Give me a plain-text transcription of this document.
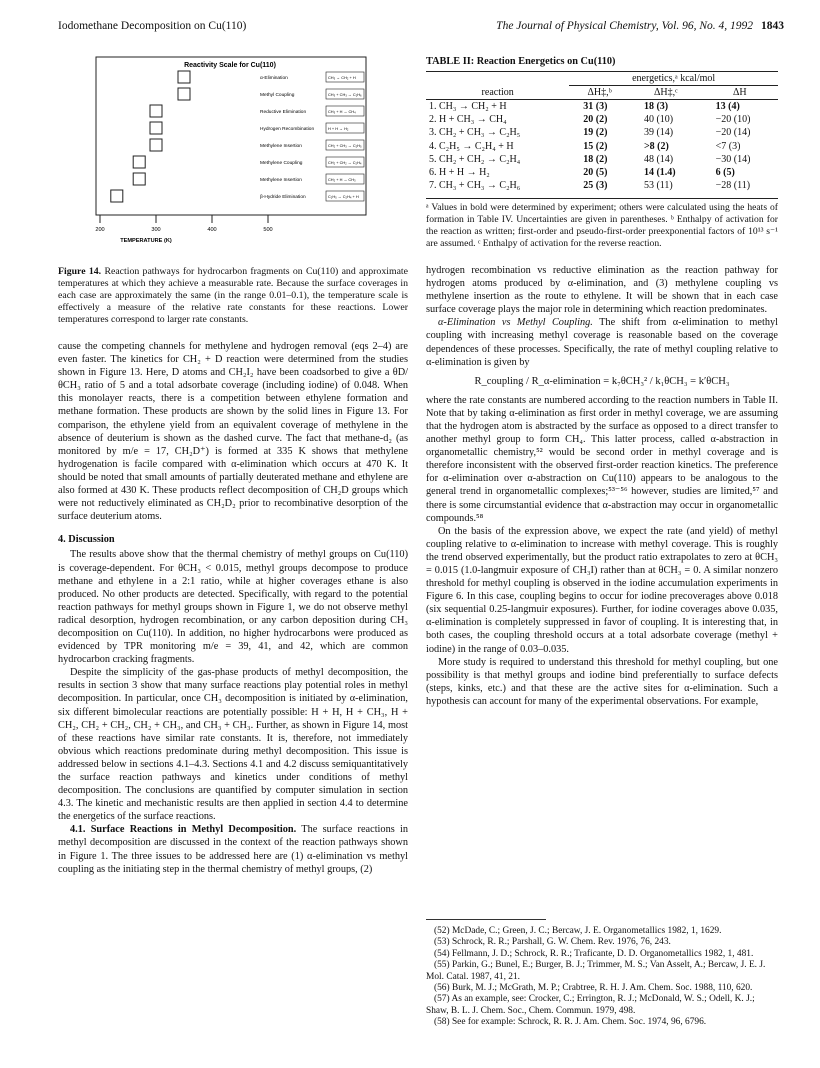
Iodomethane Decomposition on Cu(110)	The Journal of Physical Chemistry, Vol. 96, No. 4, 1992 1843
Reactivity Scale for Cu(110)
α-Elimination	CH₃ → CH₂ + H
Methyl Coupling	CH₃ + CH₃ → C₂H₆
Reductive Elimination	CH₃ + H → CH₄
Hydrogen Recombination	H + H → H₂
Methylene Insertion	CH₂ + CH₃ → C₂H₅
Methylene Coupling	CH₂ + CH₂ → C₂H₄
Methylene Insertion	CH₂ + H → CH₃
β-Hydride Elimination	C₂H₅ → C₂H₄ + H
200	300	400	500
TEMPERATURE (K)
Figure 14. Reaction pathways for hydrocarbon fragments on Cu(110) and approximate temperatures at which they achieve a measurable rate. Because the surface coverages in each case are approximately the same (in the range 0.01–0.1), the temperature scale is effectively a measure of the relative rate constants for these reactions. Lower temperatures correspond to larger rate constants.

cause the competing channels for methylene and hydrogen removal (eqs 2–4) are even faster. The kinetics for CH₂ + D reaction were determined from the studies shown in Figure 13. Here, D atoms and CH₂I₂ have been coadsorbed to give a θD/θCH₃ ratio of 5 and a total adsorbate coverage (including iodine) of 0.048. When this monolayer reacts, there is a competition between ethylene formation and methane formation. These products are shown by the solid lines in Figure 13. For comparison, the ethylene yield from an equivalent coverage of methylene in the absence of deuterium is shown as the dashed curve. The fact that methane-d₂ (as monitored by m/e = 17, CH₂D⁺) is formed at 335 K shows that methylene hydrogenation is facile compared with α-elimination which occurs at 470 K. It should be noted that small amounts of partially deuterated methane and ethylene are also formed at 430 K. These products reflect decomposition of CH₂D groups which were not reductively eliminated as CH₂D₂ prior to recombinative desorption of the surface deuterium atoms.

4. Discussion

The results above show that the thermal chemistry of methyl groups on Cu(110) is coverage-dependent. For θCH₃ < 0.015, methyl groups decompose to produce methane and ethylene in a 2:1 ratio, while at higher coverages ethane is also produced. No other products are detected. Specifically, with regard to the potential reaction pathways for methyl groups shown in Figure 1, we do not observe methyl radical desorption, hydrogen recombination, or any carbon deposition during CH₃ decomposition on Cu(110). In addition, no higher hydrocarbons were produced as evidenced by TPR monitoring m/e = 39, 41, and 42, which are common hydrocarbon cracking fragments.

Despite the simplicity of the gas-phase products of methyl decomposition, the results in section 3 show that many surface reactions play potential roles in methyl decomposition. In particular, once CH₃ decomposition is initiated by α-elimination, six different bimolecular reactions are potentially possible: H + H, H + CH₃, H + CH₂, CH₂ + CH₂, CH₂ + CH₃, and CH₃ + CH₃. Further, as shown in Figure 14, most of these reactions have similar rate constants. It is, therefore, not immediately obvious which reactions predominate during methyl decomposition. This issue is addressed below in sections 4.1–4.3. Sections 4.1 and 4.2 discuss semiquantitatively the surface reaction pathways and kinetics under conditions of methyl decomposition. The conclusions are quantified by computer simulation in section 4.3. The kinetic and mechanistic results are then applied in section 4.4 to determine the energetics of the surface reactions.

4.1. Surface Reactions in Methyl Decomposition. The surface reactions in methyl decomposition are discussed in the context of the reaction pathways shown in Figure 1. The three issues to be addressed here are (1) α-elimination vs methyl coupling as the initiating step in the thermal chemistry of methyl groups, (2)

TABLE II: Reaction Energetics on Cu(110)
	energetics,ᵃ kcal/mol		
reaction	ΔH‡,ᵇ	ΔH‡,ᶜ	ΔH
1. CH₃ → CH₂ + H	31 (3)	18 (3)	13 (4)
2. H + CH₃ → CH₄	20 (2)	40 (10)	−20 (10)
3. CH₂ + CH₃ → C₂H₅	19 (2)	39 (14)	−20 (14)
4. C₂H₅ → C₂H₄ + H	15 (2)	>8 (2)	<7 (3)
5. CH₂ + CH₂ → C₂H₄	18 (2)	48 (14)	−30 (14)
6. H + H → H₂	20 (5)	14 (1.4)	6 (5)
7. CH₃ + CH₃ → C₂H₆	25 (3)	53 (11)	−28 (11)
ᵃ Values in bold were determined by experiment; others were calculated using the heats of formation in Table IV. Uncertainties are given in parentheses. ᵇ Enthalpy of activation for the reaction as written; first-order and pseudo-first-order preexponential factors of 10¹³ s⁻¹ are assumed. ᶜ Enthalpy of activation for the reverse reaction.

hydrogen recombination vs reductive elimination as the reaction pathway for hydrogen atoms produced by α-elimination, and (3) methylene coupling vs methylene insertion as the route to ethylene. It will be shown that in each case surface coverage plays the major role in determining which reaction predominates.

α-Elimination vs Methyl Coupling. The shift from α-elimination to methyl coupling with increasing methyl coverage is reasonable based on the coverage dependences of these processes. Specifically, the rate of methyl coupling relative to α-elimination is given by

R_coupling / R_α-elimination = k₇θCH₃² / k₁θCH₃ = k′θCH₃

where the rate constants are numbered according to the reaction numbers in Table II. Note that by taking α-elimination as first order in methyl coverage, we are assuming that the hydrogen atom is abstracted by the surface as opposed to a direct transfer to another methyl group to form CH₄. This latter process, called α-abstraction in organometallic chemistry,⁵² would be second order in methyl coverage and is therefore inconsistent with the observed first-order reaction kinetics. The preference for α-elimination over α-abstraction on Cu(110) appears to be analogous to the general trend in organometallic complexes;⁵³⁻⁵⁶ however, studies are limited,⁵⁷ and there is some circumstantial evidence that α-abstraction may occur in organometallic compounds.⁵⁸

On the basis of the expression above, we expect the rate (and yield) of methyl coupling relative to α-elimination to increase with methyl coverage. This is roughly the trend observed experimentally, but the product ratio extrapolates to zero at θCH₃ = 0.015 (1.0-langmuir exposure of CH₃I) rather than at θCH₃ = 0. A similar nonzero threshold for methyl coupling is observed in the iodine accumulation experiments in Figure 6. In this case, coupling begins to occur for iodine precoverages above 0.018 (six sequential 0.25-langmuir exposures). Further, for iodine coverages above 0.035, α-elimination is completely suppressed in favor of coupling. It is interesting that, in both cases, the coupling threshold occurs at a total adsorbate coverage (methyl + iodine) in the range of 0.03–0.035.

More study is required to understand this threshold for methyl coupling, but one possibility is that methyl groups and iodine bind preferentially to surface defects (steps, kinks, etc.) and that these are the active sites for α-elimination. Such a hypothesis can account for many of the experimental observations. For example,

(52) McDade, C.; Green, J. C.; Bercaw, J. E. Organometallics 1982, 1, 1629.
(53) Schrock, R. R.; Parshall, G. W. Chem. Rev. 1976, 76, 243.
(54) Fellmann, J. D.; Schrock, R. R.; Traficante, D. D. Organometallics 1982, 1, 481.
(55) Parkin, G.; Bunel, E.; Burger, B. J.; Trimmer, M. S.; Van Asselt, A.; Bercaw, J. E. J. Mol. Catal. 1987, 41, 21.
(56) Burk, M. J.; McGrath, M. P.; Crabtree, R. H. J. Am. Chem. Soc. 1988, 110, 620.
(57) As an example, see: Crocker, C.; Errington, R. J.; McDonald, W. S.; Odell, K. J.; Shaw, B. L. J. Chem. Soc., Chem. Commun. 1979, 498.
(58) See for example: Schrock, R. R. J. Am. Chem. Soc. 1974, 96, 6796.
